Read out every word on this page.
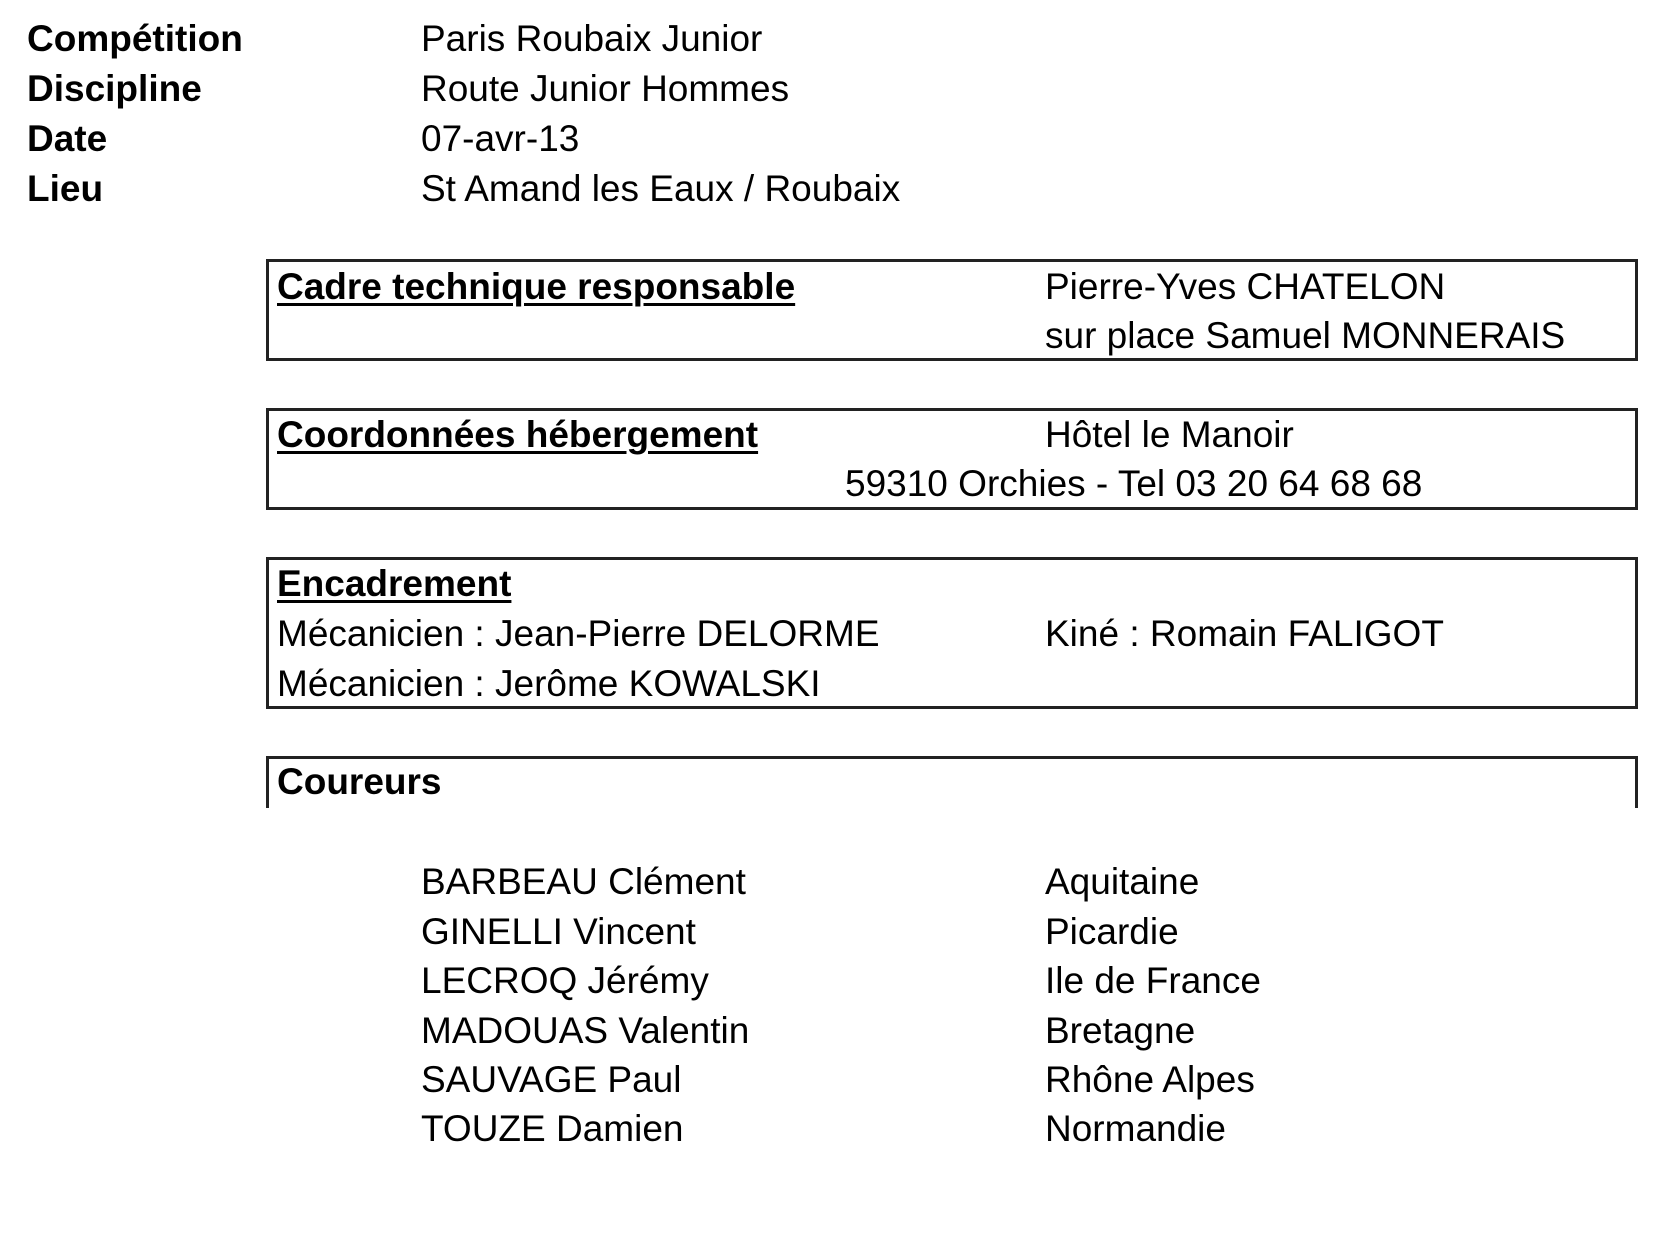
Compétition	Paris Roubaix Junior
Discipline	Route Junior Hommes
Date	07-avr-13
Lieu	St Amand les Eaux / Roubaix
Cadre technique responsable	Pierre-Yves CHATELON
sur place Samuel MONNERAIS
Coordonnées hébergement	Hôtel le Manoir
59310 Orchies - Tel 03 20 64 68 68
Encadrement
Mécanicien : Jean-Pierre DELORME	Kiné : Romain FALIGOT
Mécanicien : Jerôme KOWALSKI
Coureurs
BARBEAU Clément	Aquitaine
GINELLI Vincent	Picardie
LECROQ Jérémy	Ile de France
MADOUAS Valentin	Bretagne
SAUVAGE Paul	Rhône Alpes
TOUZE Damien	Normandie
